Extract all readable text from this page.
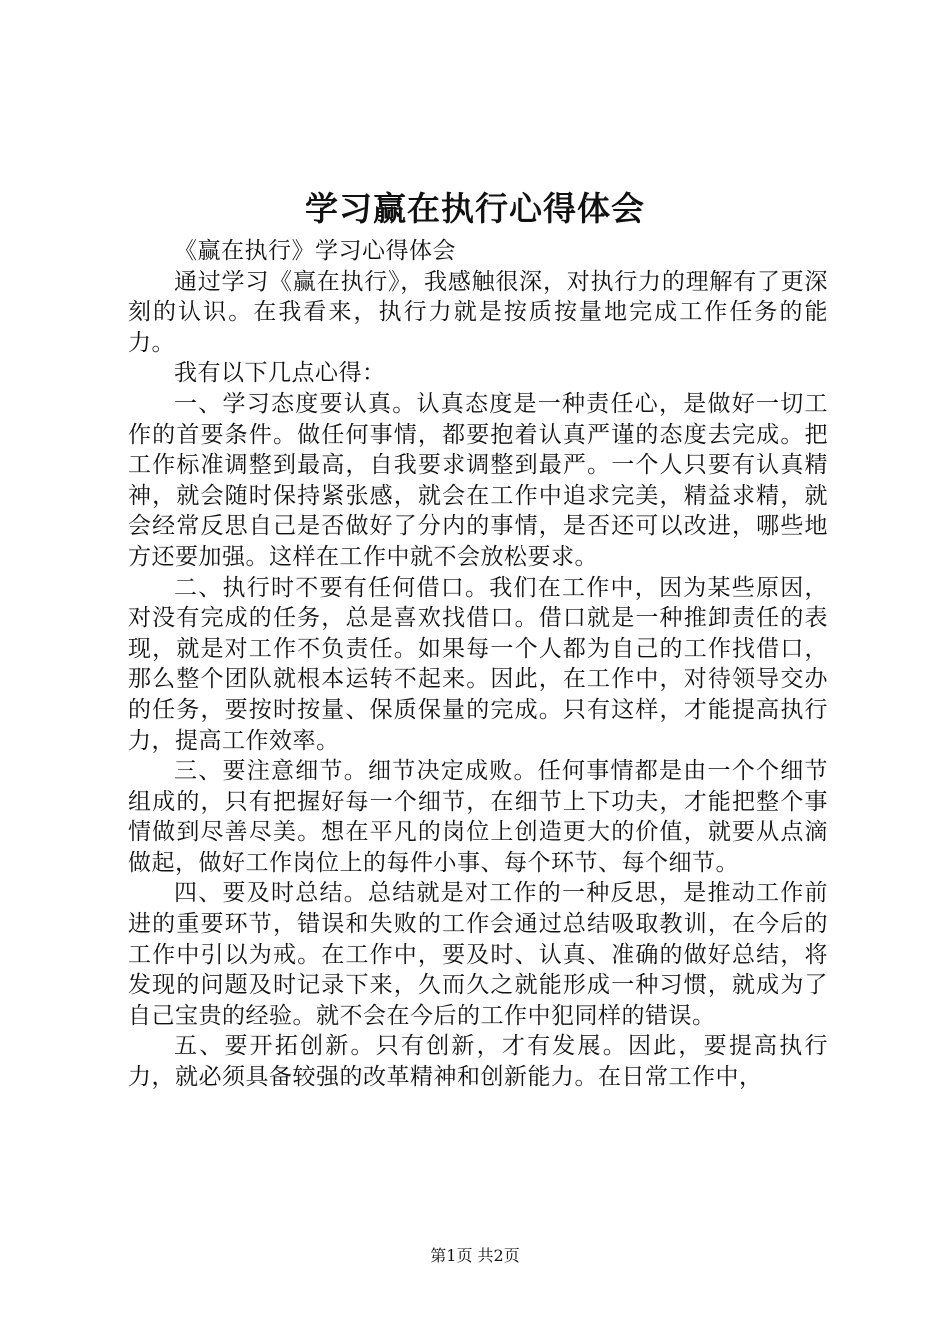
学习赢在执行心得体会

《赢在执行》学习心得体会

通过学习《赢在执行》，我感触很深，对执行力的理解有了更深刻的认识。在我看来，执行力就是按质按量地完成工作任务的能力。

我有以下几点心得：

一、学习态度要认真。认真态度是一种责任心，是做好一切工作的首要条件。做任何事情，都要抱着认真严谨的态度去完成。把工作标准调整到最高，自我要求调整到最严。一个人只要有认真精神，就会随时保持紧张感，就会在工作中追求完美，精益求精，就会经常反思自己是否做好了分内的事情，是否还可以改进，哪些地方还要加强。这样在工作中就不会放松要求。

二、执行时不要有任何借口。我们在工作中，因为某些原因，对没有完成的任务，总是喜欢找借口。借口就是一种推卸责任的表现，就是对工作不负责任。如果每一个人都为自己的工作找借口，那么整个团队就根本运转不起来。因此，在工作中，对待领导交办的任务，要按时按量、保质保量的完成。只有这样，才能提高执行力，提高工作效率。

三、要注意细节。细节决定成败。任何事情都是由一个个细节组成的，只有把握好每一个细节，在细节上下功夫，才能把整个事情做到尽善尽美。想在平凡的岗位上创造更大的价值，就要从点滴做起，做好工作岗位上的每件小事、每个环节、每个细节。

四、要及时总结。总结就是对工作的一种反思，是推动工作前进的重要环节，错误和失败的工作会通过总结吸取教训，在今后的工作中引以为戒。在工作中，要及时、认真、准确的做好总结，将发现的问题及时记录下来，久而久之就能形成一种习惯，就成为了自己宝贵的经验。就不会在今后的工作中犯同样的错误。

五、要开拓创新。只有创新，才有发展。因此，要提高执行力，就必须具备较强的改革精神和创新能力。在日常工作中，

第1页 共2页
